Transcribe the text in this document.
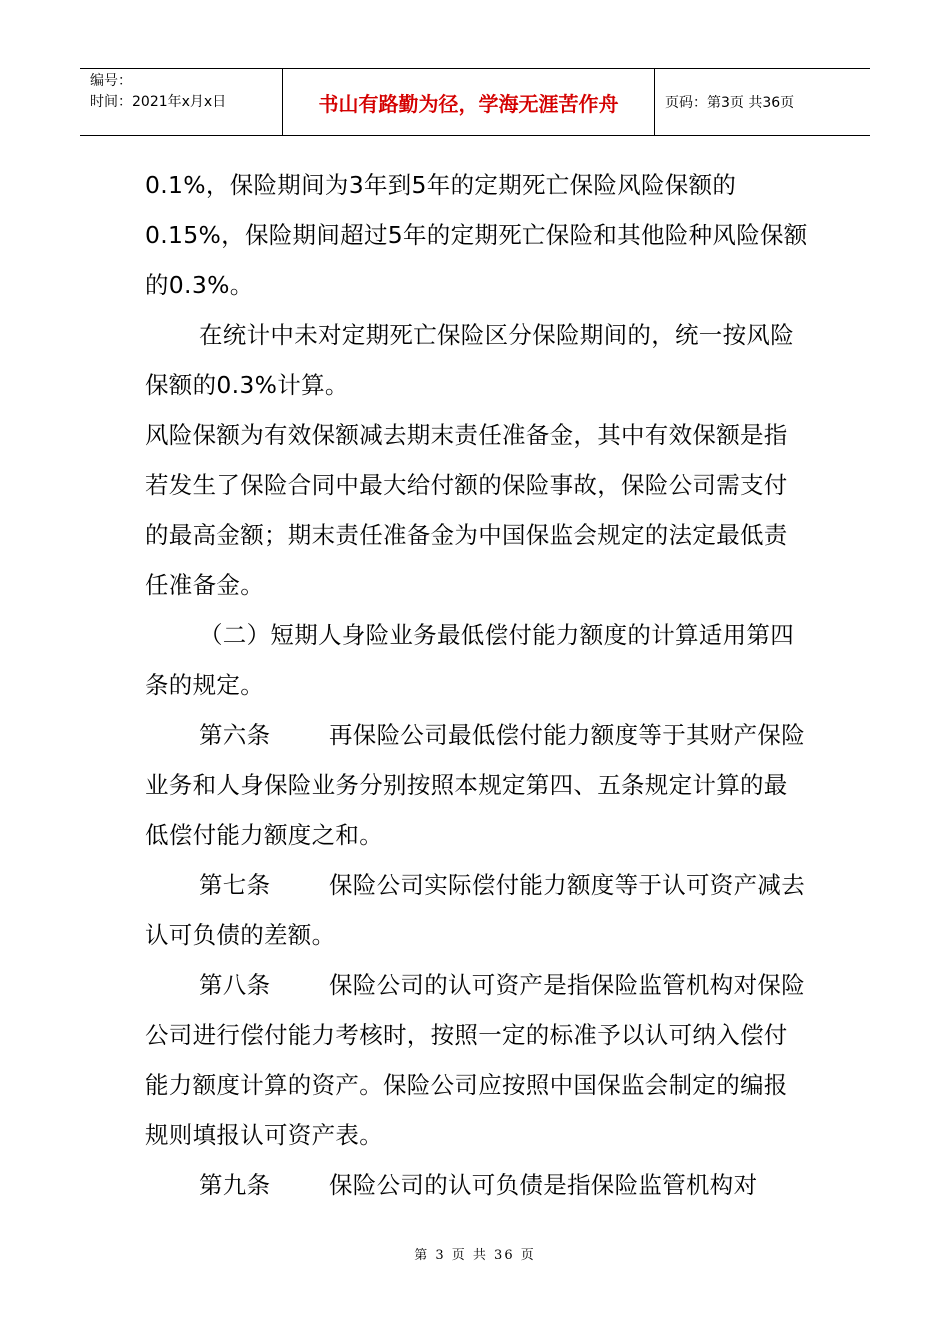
编号：
时间：2021年x月x日	书山有路勤为径，学海无涯苦作舟	页码：第3页 共36页

0.1%，保险期间为3年到5年的定期死亡保险风险保额的0.15%，保险期间超过5年的定期死亡保险和其他险种风险保额的0.3%。

在统计中未对定期死亡保险区分保险期间的，统一按风险保额的0.3%计算。

风险保额为有效保额减去期末责任准备金，其中有效保额是指若发生了保险合同中最大给付额的保险事故，保险公司需支付的最高金额；期末责任准备金为中国保监会规定的法定最低责任准备金。

（二）短期人身险业务最低偿付能力额度的计算适用第四条的规定。

第六条 再保险公司最低偿付能力额度等于其财产保险业务和人身保险业务分别按照本规定第四、五条规定计算的最低偿付能力额度之和。

第七条 保险公司实际偿付能力额度等于认可资产减去认可负债的差额。

第八条 保险公司的认可资产是指保险监管机构对保险公司进行偿付能力考核时，按照一定的标准予以认可纳入偿付能力额度计算的资产。保险公司应按照中国保监会制定的编报规则填报认可资产表。

第九条 保险公司的认可负债是指保险监管机构对

第 3 页 共 36 页
